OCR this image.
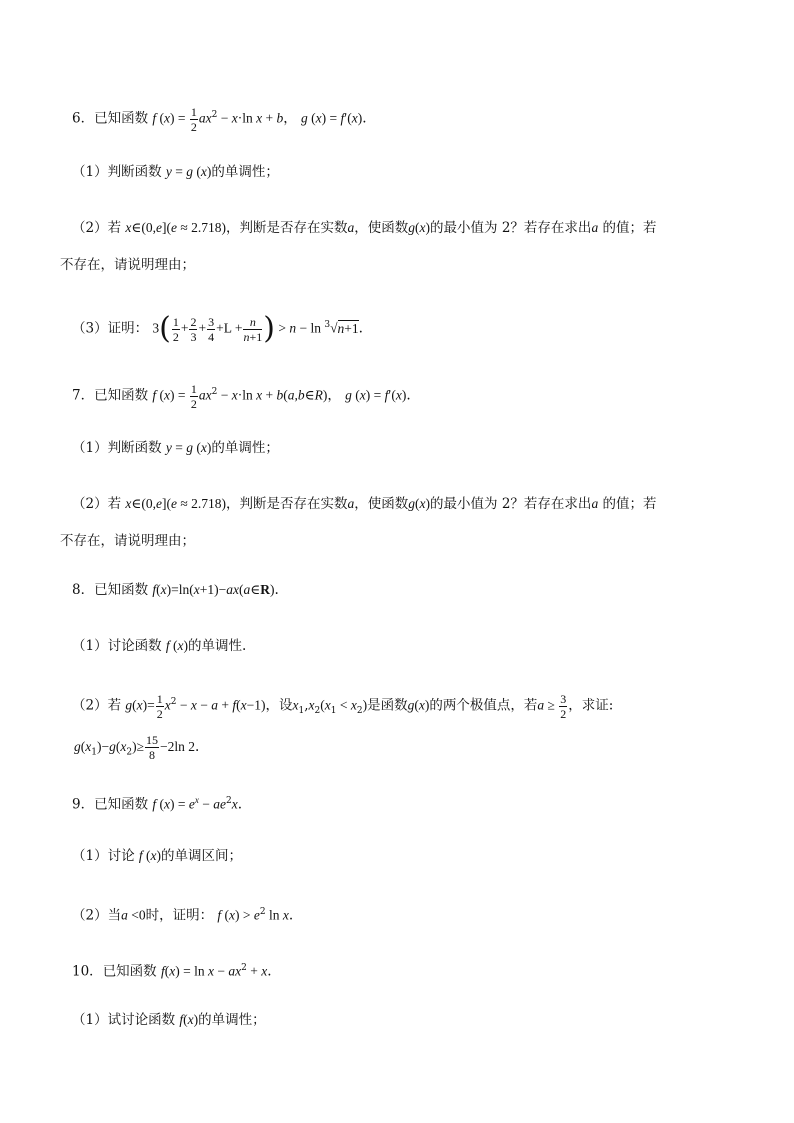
6．已知函数 f $(x) = \frac{1}{2} ax^2 - x\cdot\ln$ x + b， g (x) = f′(x).
（1）判断函数 y = g (x)的单调性；
（2）若 x∈(0,e](e ≈ 2.718)，判断是否存在实数a，使函数g(x)的最小值为 2？若存在求出a 的值；若
不存在，请说明理由；
（3）证明： $3( \frac{1}{2} + \frac{2}{3} + \frac{3}{4} +L + \frac{n}{n+1}$ ) > n − ln $^3$√n+1.
7．已知函数 f $(x) = \frac{1}{2} ax^2 - x\cdot\ln$ x + b(a,b∈R)， g (x) = f′(x).
（1）判断函数 y = g (x)的单调性；
（2）若 x∈(0,e](e ≈ 2.718)，判断是否存在实数a，使函数g(x)的最小值为 2？若存在求出a 的值；若
不存在，请说明理由；
8．已知函数 f(x)=ln(x+1)−ax(a∈R).
（1）讨论函数 f (x)的单调性.
（2）若 $g(x)= \frac{1}{2} x^2 - x - a + f(x-1)$，设$x_1,x_2(x_1 < x_2)$是函数g(x)的两个极值点，若$a \ge \frac{3}{2}$ ，求证:
$g(x_1)-g(x_2)\ge \frac{15}{8} -2\ln$ 2.
9．已知函数 f $(x) = e^x - ae^2x$.
（1）讨论 f (x)的单调区间；
（2）当a <0时，证明： f $(x) > e^2$ ln x.
10．已知函数 $f(x) = \ln x - ax^2 + x$.
（1）试讨论函数 f(x)的单调性；
